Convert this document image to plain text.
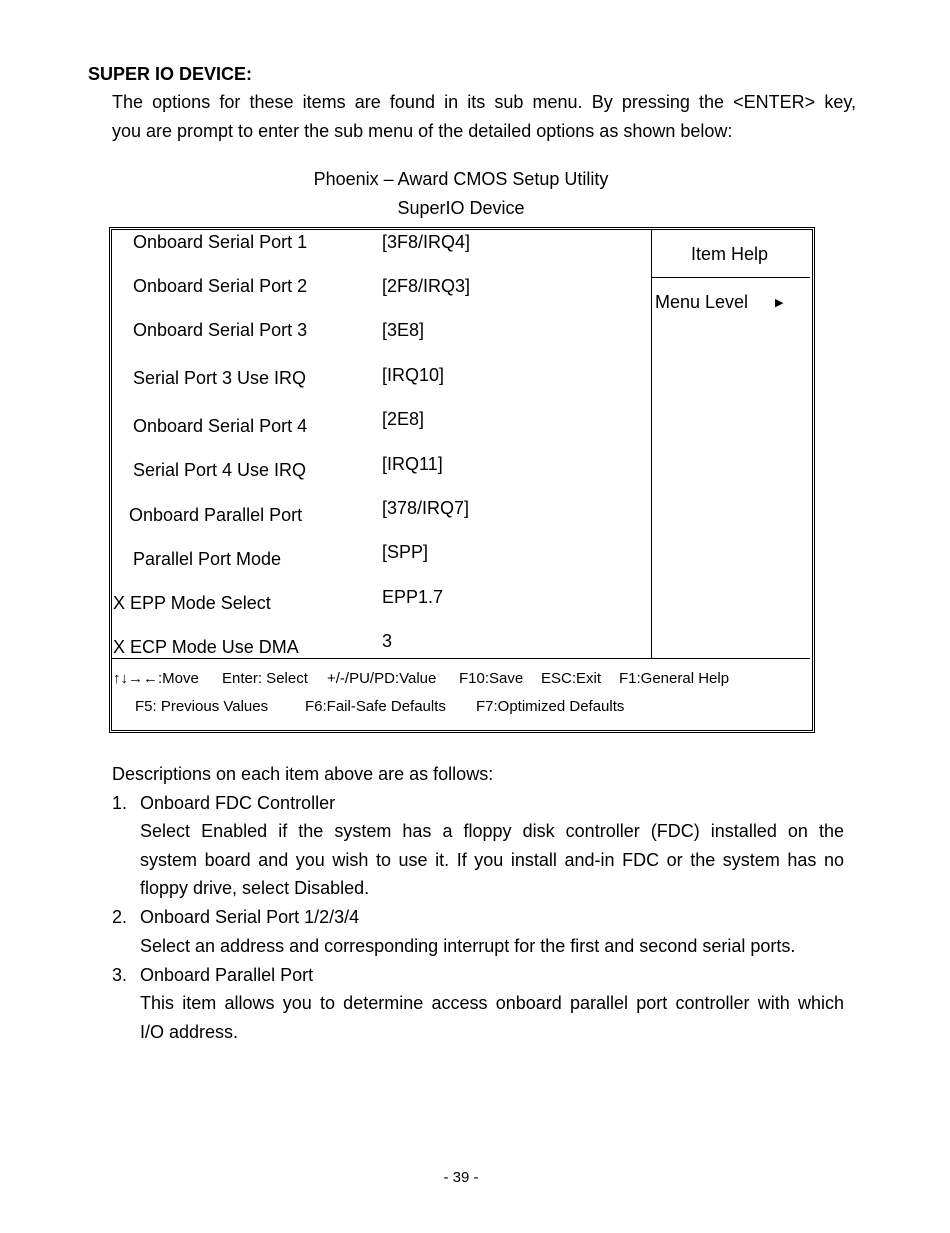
SUPER IO DEVICE:
The options for these items are found in its sub menu. By pressing the <ENTER> key,
you are prompt to enter the sub menu of the detailed options as shown below:
Phoenix – Award CMOS Setup Utility
SuperIO Device
Onboard Serial Port 1	[3F8/IRQ4]
Onboard Serial Port 2	[2F8/IRQ3]
Onboard Serial Port 3	[3E8]
Serial Port 3 Use IRQ	[IRQ10]
Onboard Serial Port 4	[2E8]
Serial Port 4 Use IRQ	[IRQ11]
Onboard Parallel Port	[378/IRQ7]
Parallel Port Mode	[SPP]
X EPP Mode Select	EPP1.7
X ECP Mode Use DMA	3
Item Help
Menu Level ▶
↑↓→←:Move Enter: Select +/-/PU/PD:Value F10:Save ESC:Exit F1:General Help
F5: Previous Values F6:Fail-Safe Defaults F7:Optimized Defaults
Descriptions on each item above are as follows:
1. Onboard FDC Controller
Select Enabled if the system has a floppy disk controller (FDC) installed on the
system board and you wish to use it. If you install and-in FDC or the system has no
floppy drive, select Disabled.
2. Onboard Serial Port 1/2/3/4
Select an address and corresponding interrupt for the first and second serial ports.
3. Onboard Parallel Port
This item allows you to determine access onboard parallel port controller with which
I/O address.
- 39 -
